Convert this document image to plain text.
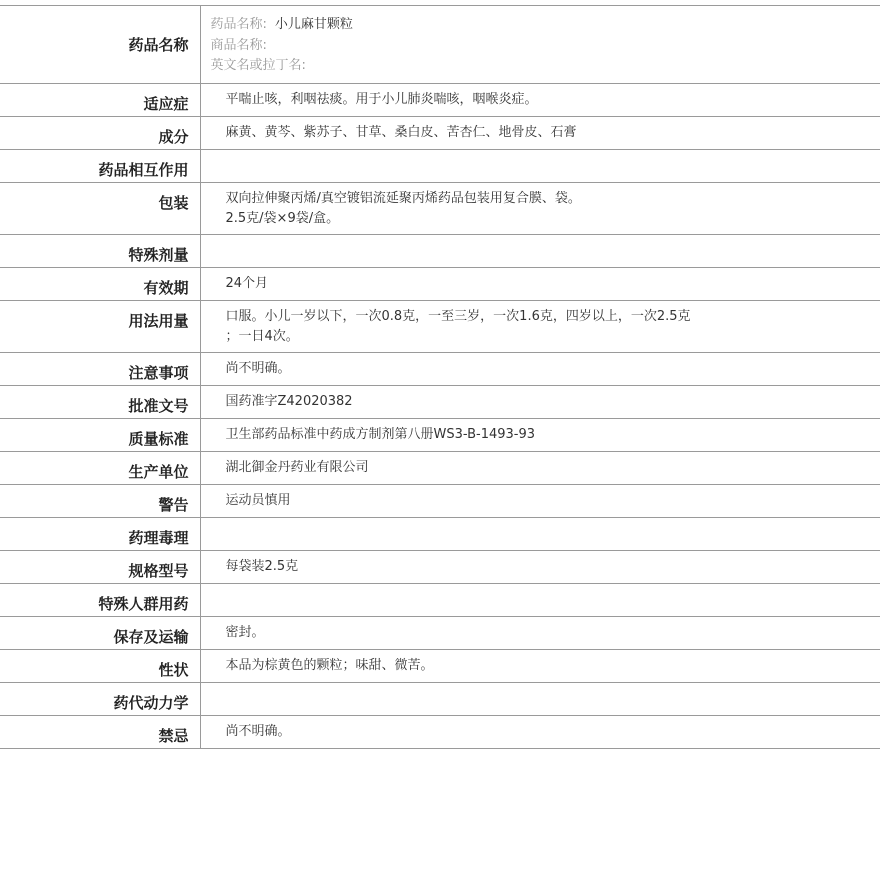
药品名称	药品名称: 小儿麻甘颗粒
商品名称:
英文名或拉丁名:

适应症	平喘止咳，利咽祛痰。用于小儿肺炎喘咳，咽喉炎症。
成分	麻黄、黄芩、紫苏子、甘草、桑白皮、苦杏仁、地骨皮、石膏
药品相互作用	
包装	双向拉伸聚丙烯/真空镀铝流延聚丙烯药品包装用复合膜、袋。
2.5克/袋×9袋/盒。

特殊剂量	
有效期	24个月
用法用量	口服。小儿一岁以下，一次0.8克，一至三岁，一次1.6克，四岁以上，一次2.5克
；一日4次。

注意事项	尚不明确。
批准文号	国药准字Z42020382
质量标准	卫生部药品标准中药成方制剂第八册WS3-B-1493-93
生产单位	湖北御金丹药业有限公司
警告	运动员慎用
药理毒理	
规格型号	每袋装2.5克
特殊人群用药	
保存及运输	密封。
性状	本品为棕黄色的颗粒；味甜、微苦。
药代动力学	
禁忌	尚不明确。
